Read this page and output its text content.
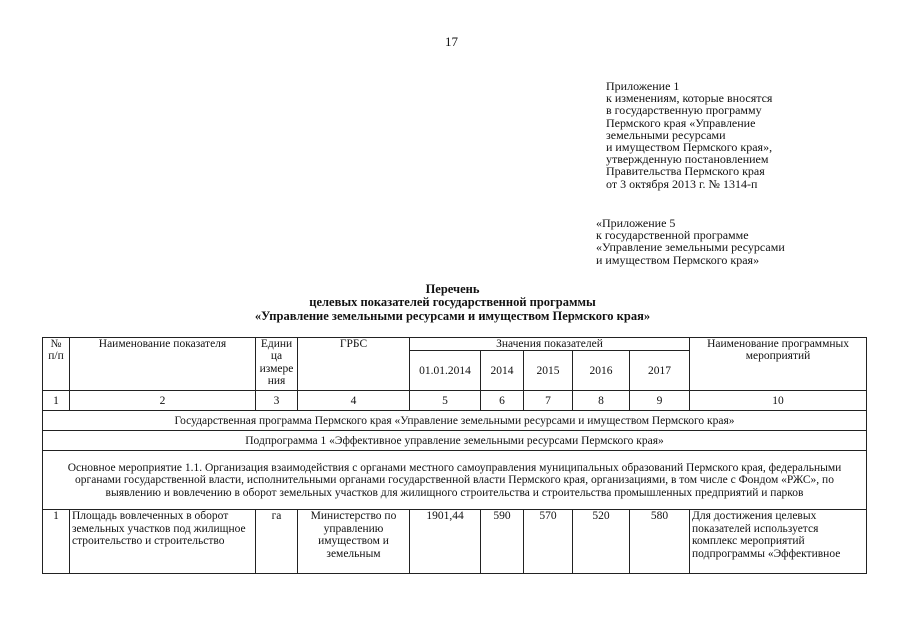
17
Приложение 1
к изменениям, которые вносятся
в государственную программу
Пермского края «Управление
земельными ресурсами
и имуществом Пермского края»,
утвержденную постановлением
Правительства Пермского края
от 3 октября 2013 г. № 1314-п
«Приложение 5
к государственной программе
«Управление земельными ресурсами
и имуществом Пермского края»
Перечень
целевых показателей государственной программы
«Управление земельными ресурсами и имуществом Пермского края»
№ п/п	Наименование показателя	Едини ца измере ния	ГРБС	Значения показателей					Наименование программных мероприятий
				01.01.2014	2014	2015	2016	2017	
1	2	3	4	5	6	7	8	9	10
Государственная программа Пермского края «Управление земельными ресурсами и имуществом Пермского края»									
Подпрограмма 1 «Эффективное управление земельными ресурсами Пермского края»									
Основное мероприятие 1.1. Организация взаимодействия с органами местного самоуправления муниципальных образований Пермского края, федеральными органами государственной власти, исполнительными органами государственной власти Пермского края, организациями, в том числе с Фондом «РЖС», по выявлению и вовлечению в оборот земельных участков для жилищного строительства и строительства промышленных предприятий и парков									
1	Площадь вовлеченных в оборот земельных участков под жилищное строительство и строительство	га	Министерство по управлению имуществом и земельным	1901,44	590	570	520	580	Для достижения целевых показателей используется комплекс мероприятий подпрограммы «Эффективное
